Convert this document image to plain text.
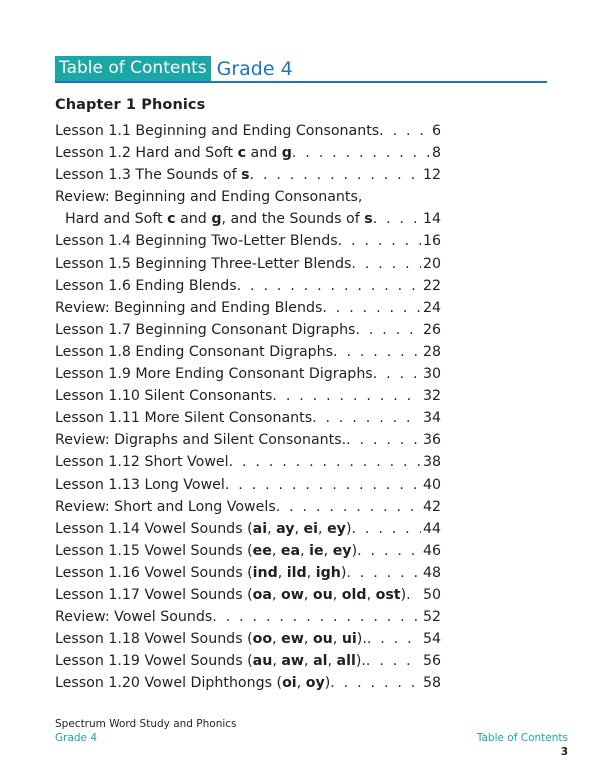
Table of Contents Grade 4
Chapter 1 Phonics
Lesson 1.1 Beginning and Ending Consonants . . .	6
Lesson 1.2 Hard and Soft c and g . . .	8
Lesson 1.3 The Sounds of s . . .	12
Review: Beginning and Ending Consonants,
Hard and Soft c and g, and the Sounds of s . . .	14
Lesson 1.4 Beginning Two-Letter Blends . . .	16
Lesson 1.5 Beginning Three-Letter Blends . . .	20
Lesson 1.6 Ending Blends . . .	22
Review: Beginning and Ending Blends . . .	24
Lesson 1.7 Beginning Consonant Digraphs . . .	26
Lesson 1.8 Ending Consonant Digraphs . . .	28
Lesson 1.9 More Ending Consonant Digraphs . . .	30
Lesson 1.10 Silent Consonants . . .	32
Lesson 1.11 More Silent Consonants . . .	34
Review: Digraphs and Silent Consonants. . . .	36
Lesson 1.12 Short Vowel . . .	38
Lesson 1.13 Long Vowel . . .	40
Review: Short and Long Vowels . . .	42
Lesson 1.14 Vowel Sounds (ai, ay, ei, ey) . . .	44
Lesson 1.15 Vowel Sounds (ee, ea, ie, ey) . . .	46
Lesson 1.16 Vowel Sounds (ind, ild, igh) . . .	48
Lesson 1.17 Vowel Sounds (oa, ow, ou, old, ost) . . . 50
Review: Vowel Sounds . . .	52
Lesson 1.18 Vowel Sounds (oo, ew, ou, ui). . . .	54
Lesson 1.19 Vowel Sounds (au, aw, al, all). . . .	56
Lesson 1.20 Vowel Diphthongs (oi, oy) . . .	58
Spectrum Word Study and Phonics
Grade 4	Table of Contents
3
